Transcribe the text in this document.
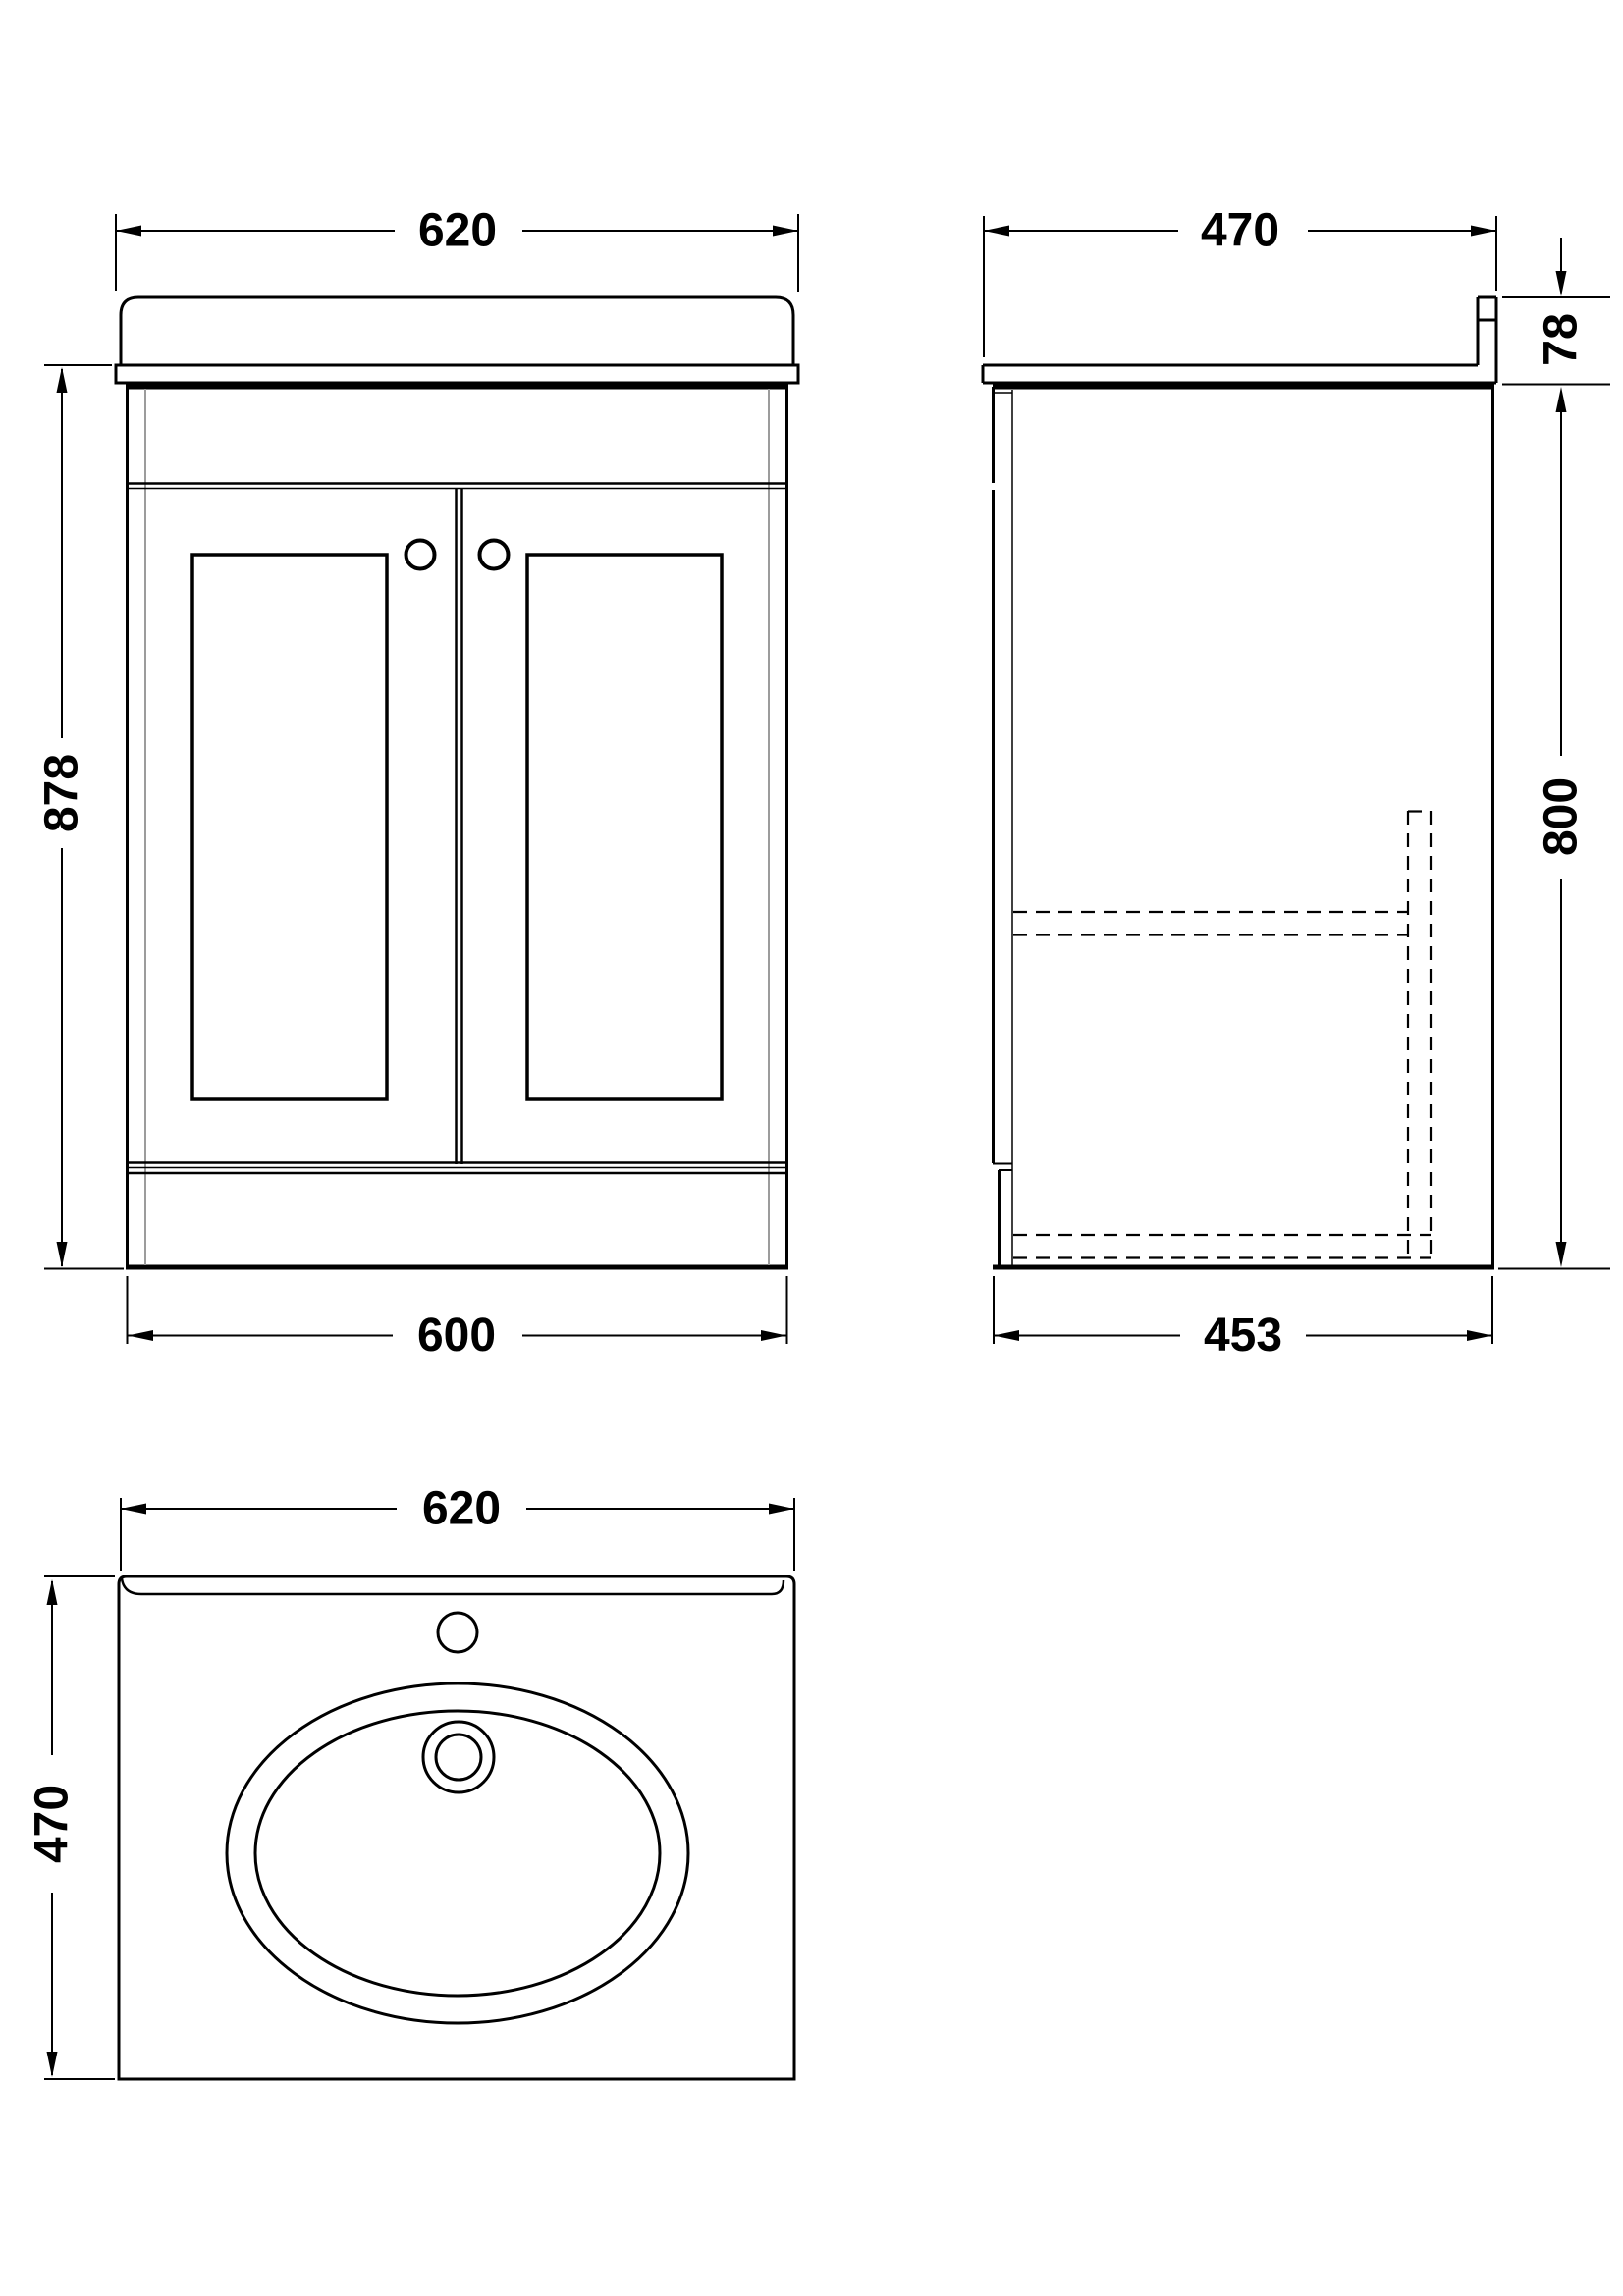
620
878
600
470
78
800
453
620
470
